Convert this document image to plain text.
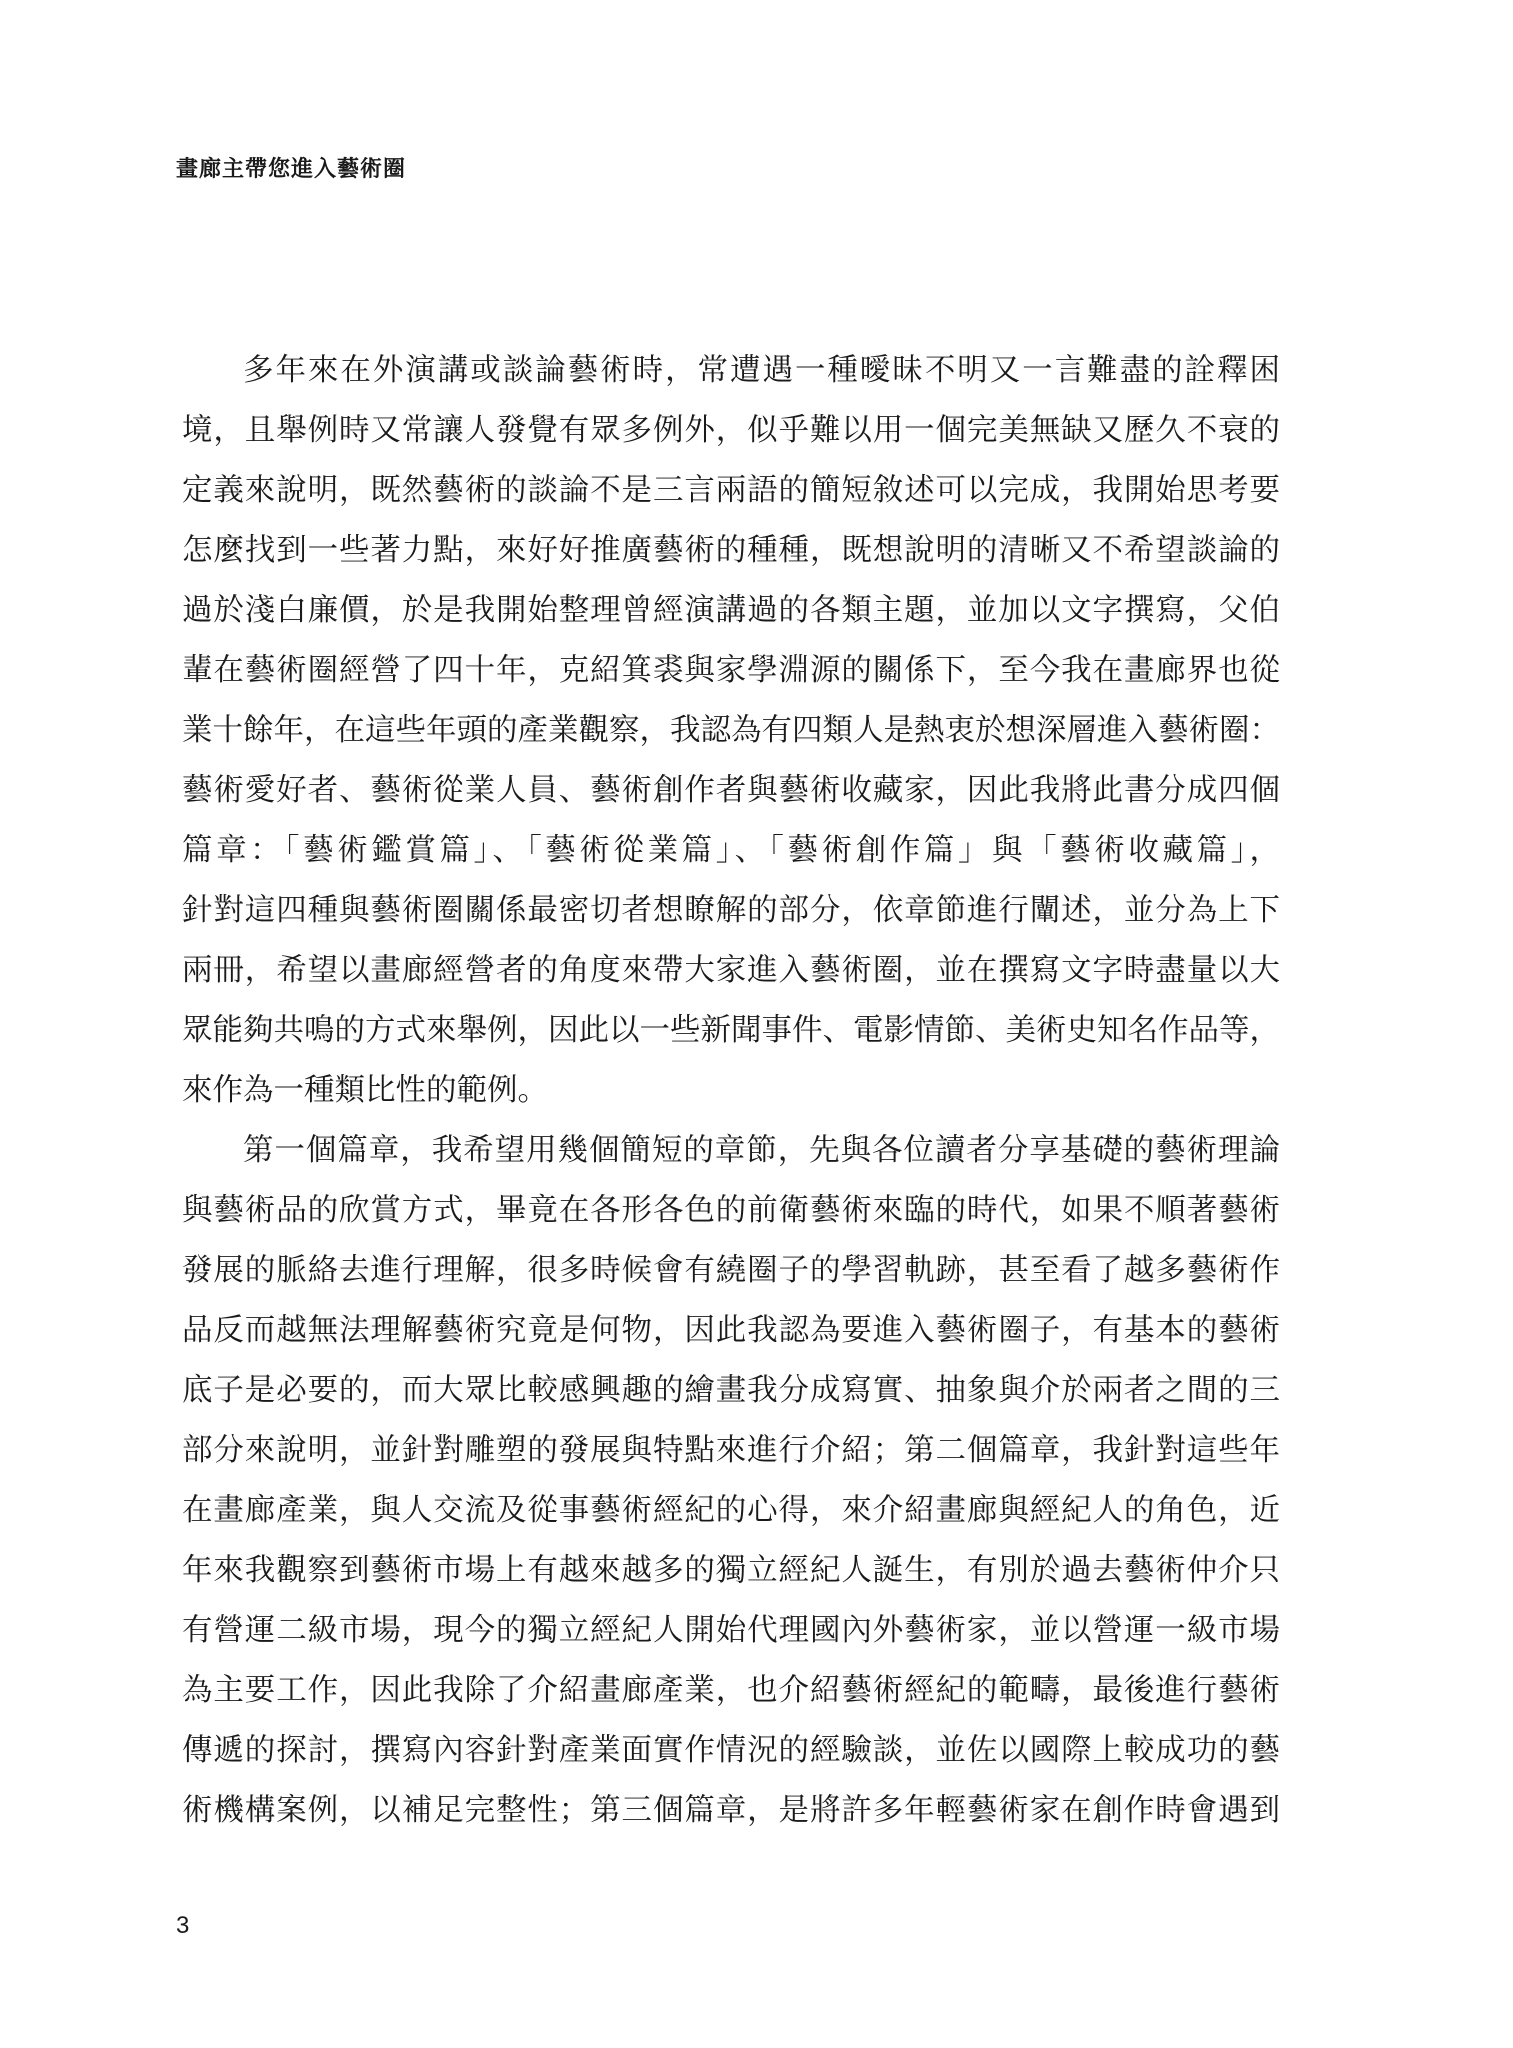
畫廊主帶您進入藝術圈
多年來在外演講或談論藝術時，常遭遇一種曖昧不明又一言難盡的詮釋困
境，且舉例時又常讓人發覺有眾多例外，似乎難以用一個完美無缺又歷久不衰的
定義來說明，既然藝術的談論不是三言兩語的簡短敘述可以完成，我開始思考要
怎麼找到一些著力點，來好好推廣藝術的種種，既想說明的清晰又不希望談論的
過於淺白廉價，於是我開始整理曾經演講過的各類主題，並加以文字撰寫，父伯
輩在藝術圈經營了四十年，克紹箕裘與家學淵源的關係下，至今我在畫廊界也從
業十餘年，在這些年頭的產業觀察，我認為有四類人是熱衷於想深層進入藝術圈：
藝術愛好者、藝術從業人員、藝術創作者與藝術收藏家，因此我將此書分成四個
篇章：「藝術鑑賞篇」、「藝術從業篇」、「藝術創作篇」與「藝術收藏篇」，
針對這四種與藝術圈關係最密切者想瞭解的部分，依章節進行闡述，並分為上下
兩冊，希望以畫廊經營者的角度來帶大家進入藝術圈，並在撰寫文字時盡量以大
眾能夠共鳴的方式來舉例，因此以一些新聞事件、電影情節、美術史知名作品等，
來作為一種類比性的範例。
第一個篇章，我希望用幾個簡短的章節，先與各位讀者分享基礎的藝術理論
與藝術品的欣賞方式，畢竟在各形各色的前衛藝術來臨的時代，如果不順著藝術
發展的脈絡去進行理解，很多時候會有繞圈子的學習軌跡，甚至看了越多藝術作
品反而越無法理解藝術究竟是何物，因此我認為要進入藝術圈子，有基本的藝術
底子是必要的，而大眾比較感興趣的繪畫我分成寫實、抽象與介於兩者之間的三
部分來說明，並針對雕塑的發展與特點來進行介紹；第二個篇章，我針對這些年
在畫廊產業，與人交流及從事藝術經紀的心得，來介紹畫廊與經紀人的角色，近
年來我觀察到藝術市場上有越來越多的獨立經紀人誕生，有別於過去藝術仲介只
有營運二級市場，現今的獨立經紀人開始代理國內外藝術家，並以營運一級市場
為主要工作，因此我除了介紹畫廊產業，也介紹藝術經紀的範疇，最後進行藝術
傳遞的探討，撰寫內容針對產業面實作情況的經驗談，並佐以國際上較成功的藝
術機構案例，以補足完整性；第三個篇章，是將許多年輕藝術家在創作時會遇到
3
